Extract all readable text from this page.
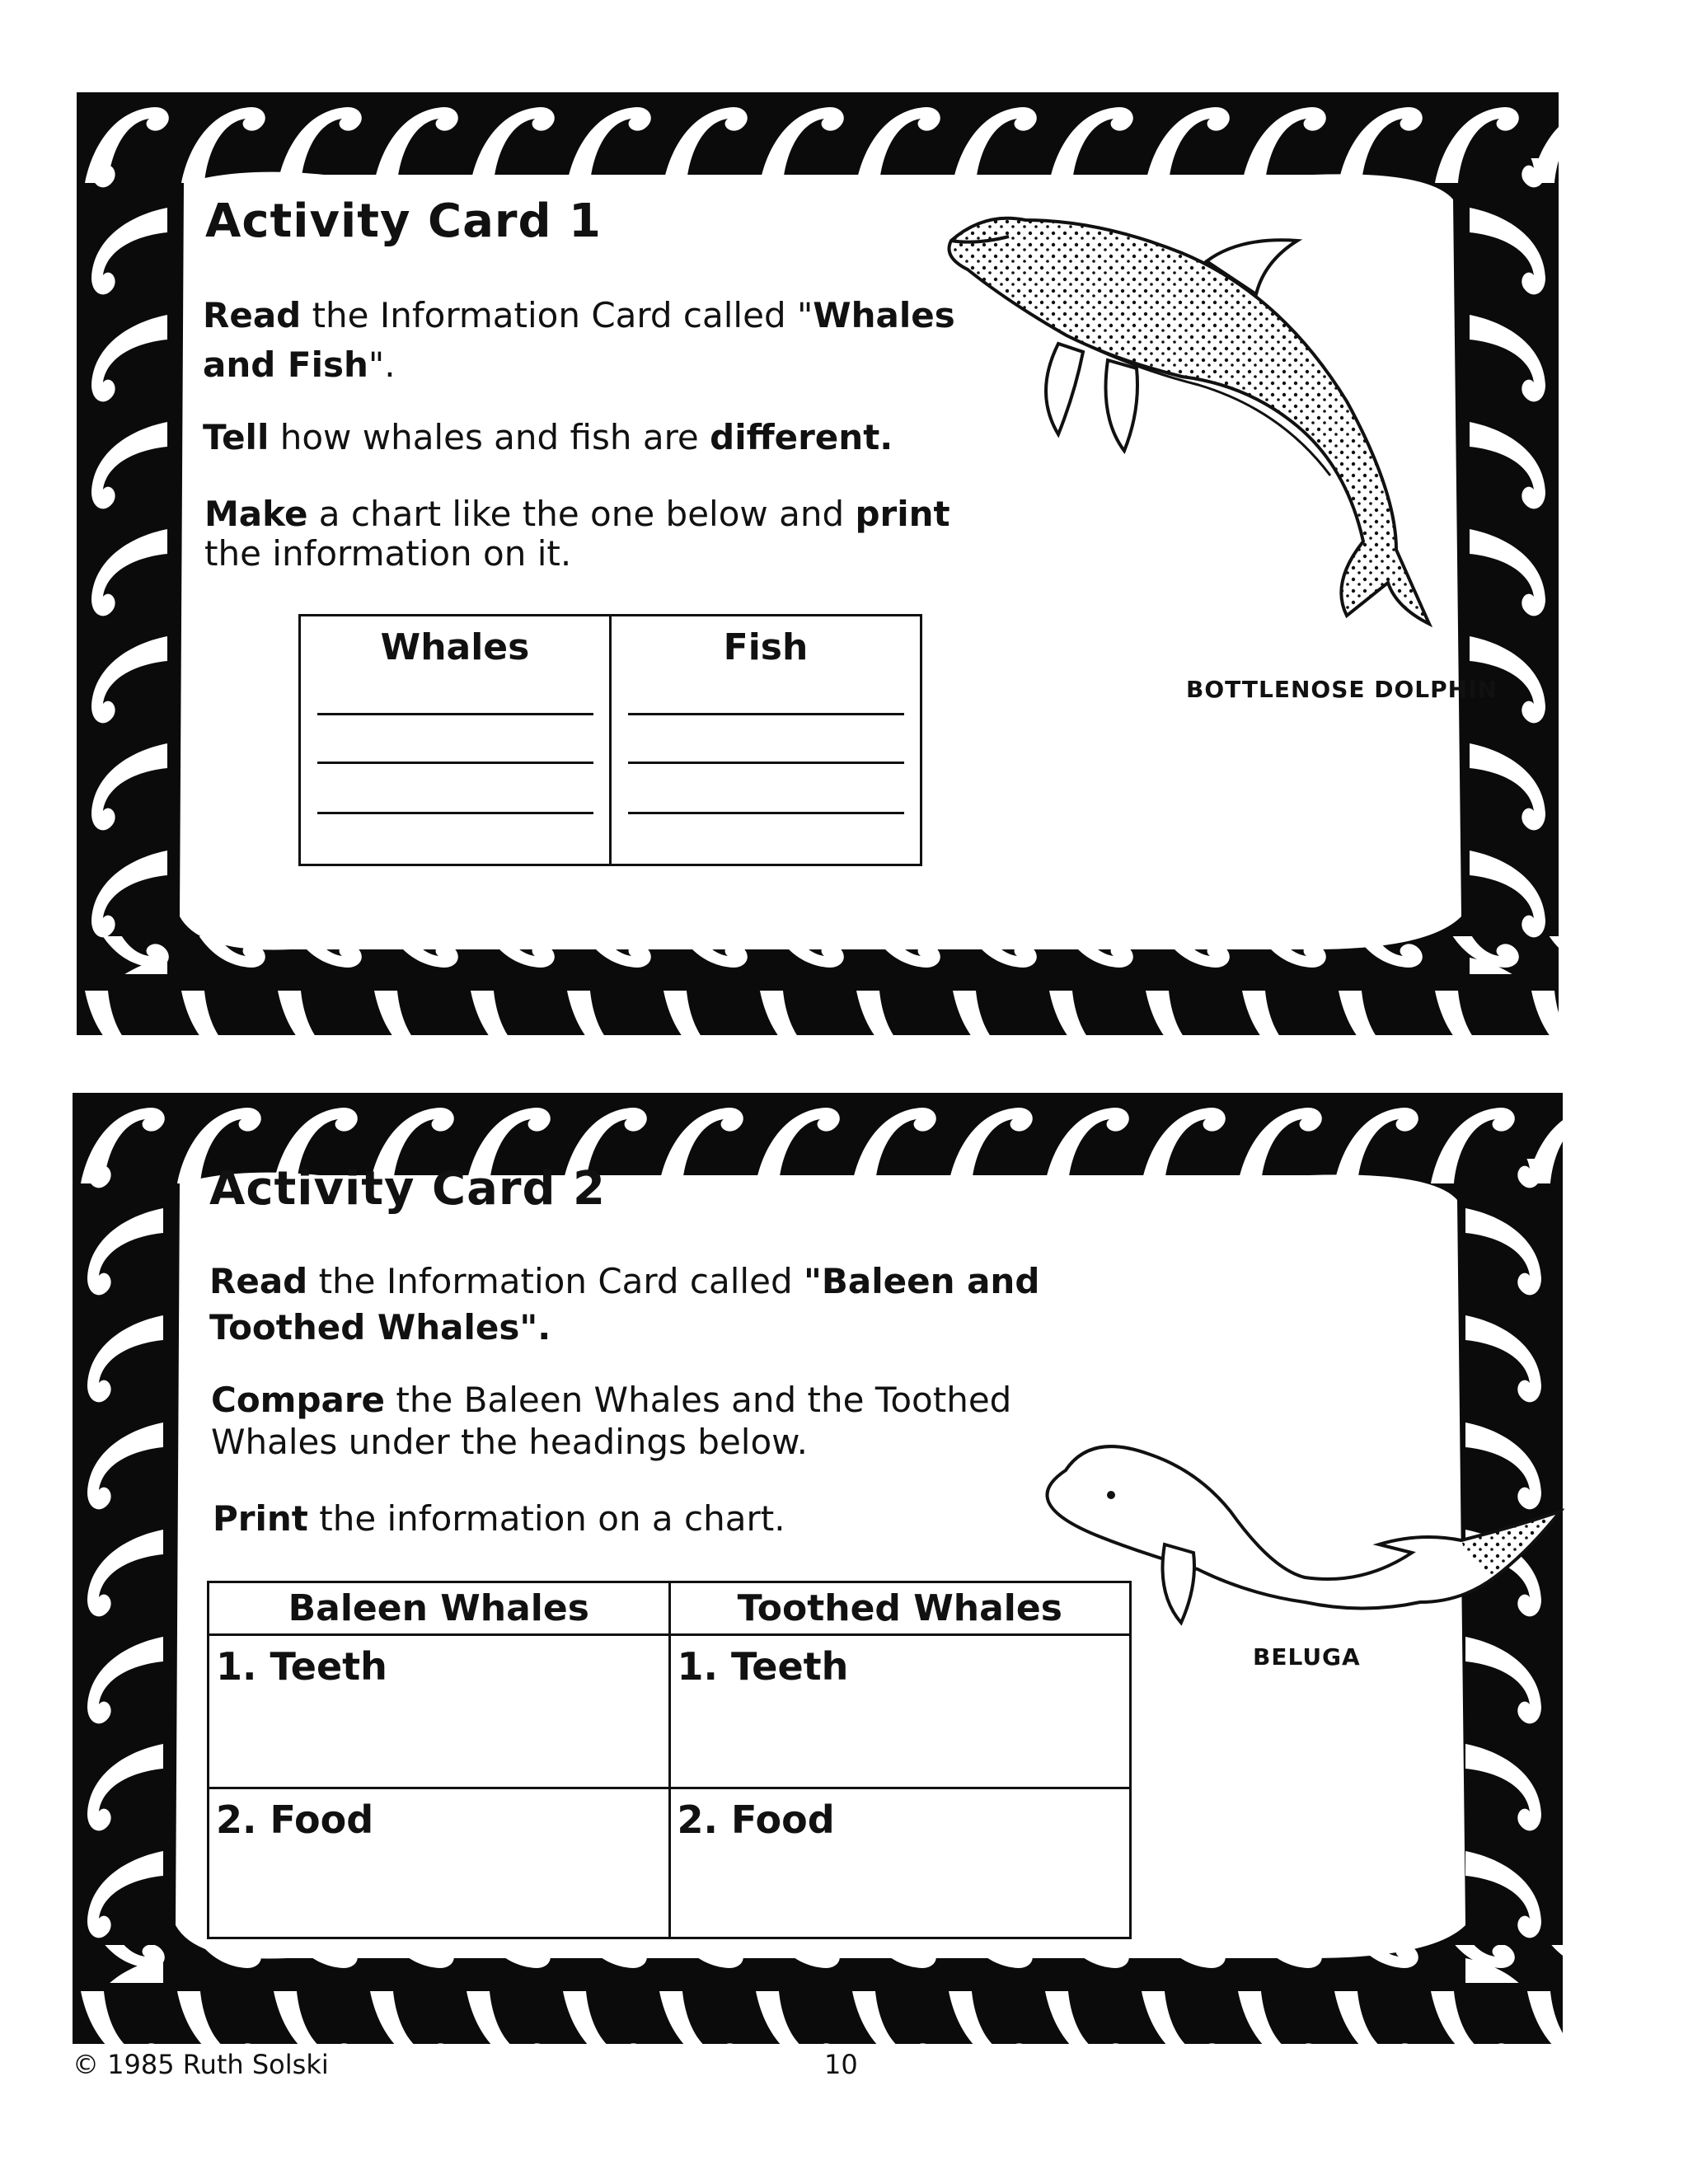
Activity Card 1
Read the Information Card called "Whales
and Fish".
Tell how whales and fish are different.
Make a chart like the one below and print
the information on it.
Whales	Fish
BOTTLENOSE DOLPHIN
Activity Card 2
Read the Information Card called "Baleen and
Toothed Whales".
Compare the Baleen Whales and the Toothed
Whales under the headings below.
Print the information on a chart.
Baleen Whales	Toothed Whales

1. Teeth	1. Teeth

2. Food	2. Food
BELUGA
© 1985 Ruth Solski	10
